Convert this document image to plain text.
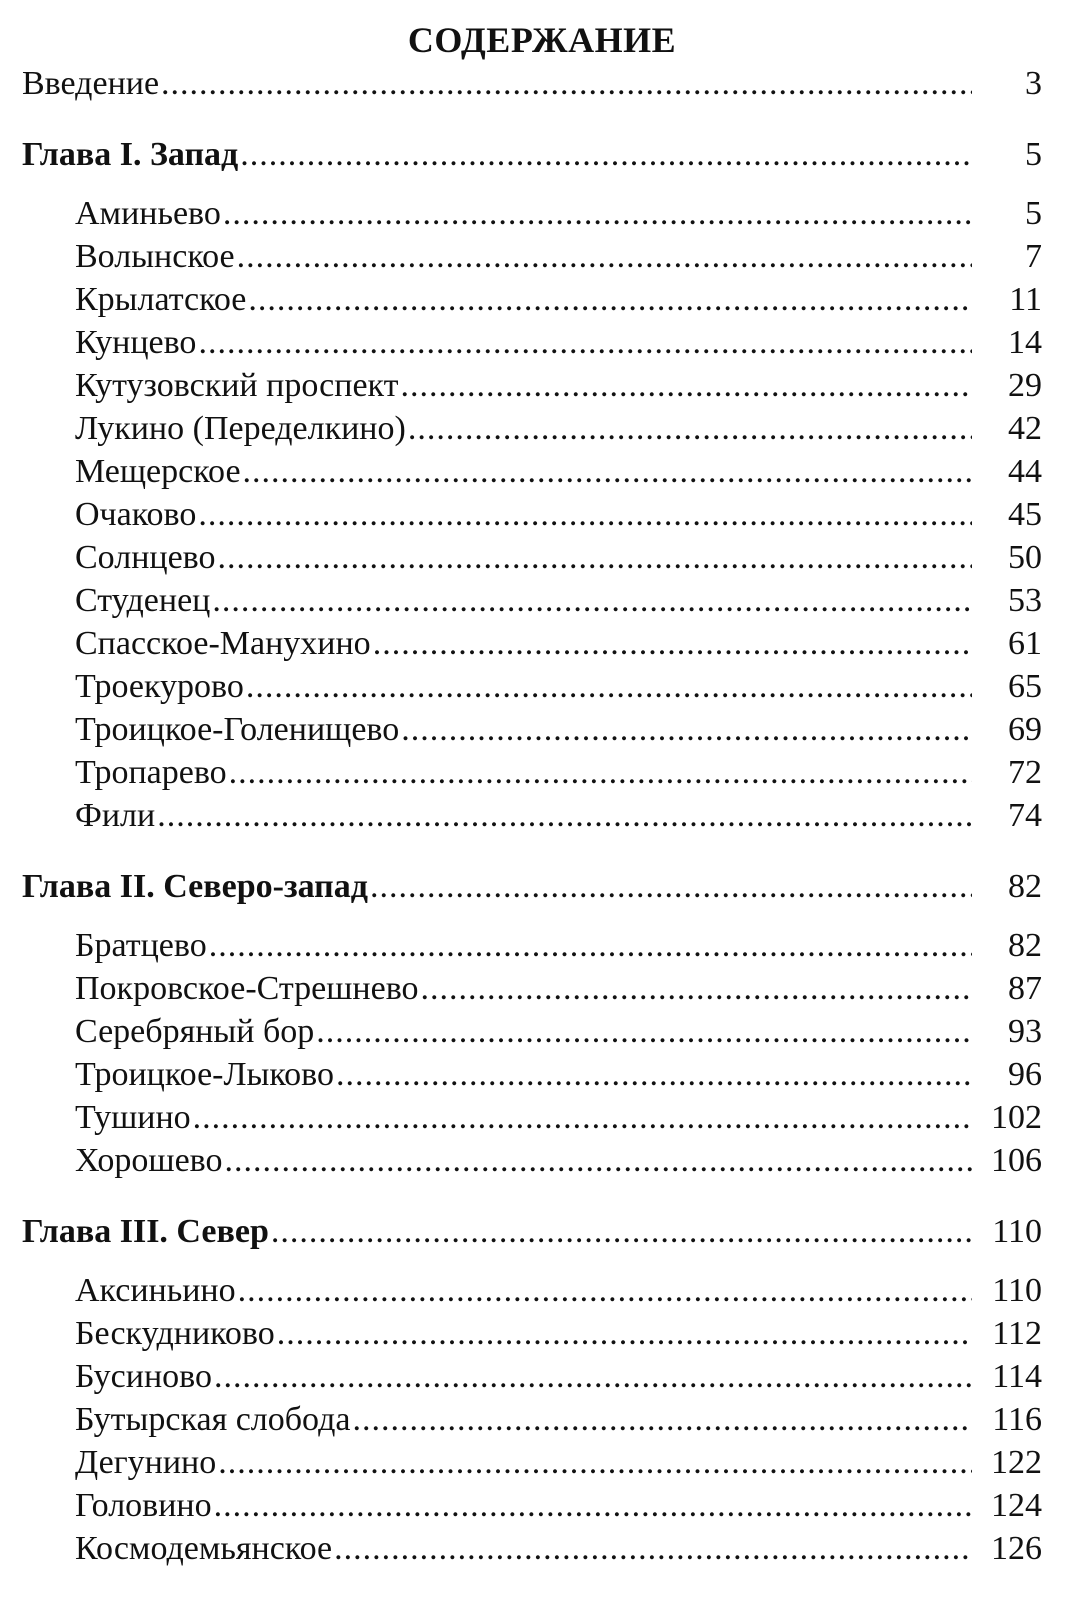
СОДЕРЖАНИЕ
Введение .....	3
Глава I. Запад .....	5
Аминьево .....	5
Волынское .....	7
Крылатское .....	11
Кунцево .....	14
Кутузовский проспект .....	29
Лукино (Переделкино) .....	42
Мещерское .....	44
Очаково .....	45
Солнцево .....	50
Студенец .....	53
Спасское-Манухино .....	61
Троекурово .....	65
Троицкое-Голенищево .....	69
Тропарево .....	72
Фили .....	74
Глава II. Северо-запад .....	82
Братцево .....	82
Покровское-Стрешнево .....	87
Серебряный бор .....	93
Троицкое-Лыково .....	96
Тушино .....	102
Хорошево .....	106
Глава III. Север .....	110
Аксиньино .....	110
Бескудниково .....	112
Бусиново .....	114
Бутырская слобода .....	116
Дегунино .....	122
Головино .....	124
Космодемьянское .....	126
